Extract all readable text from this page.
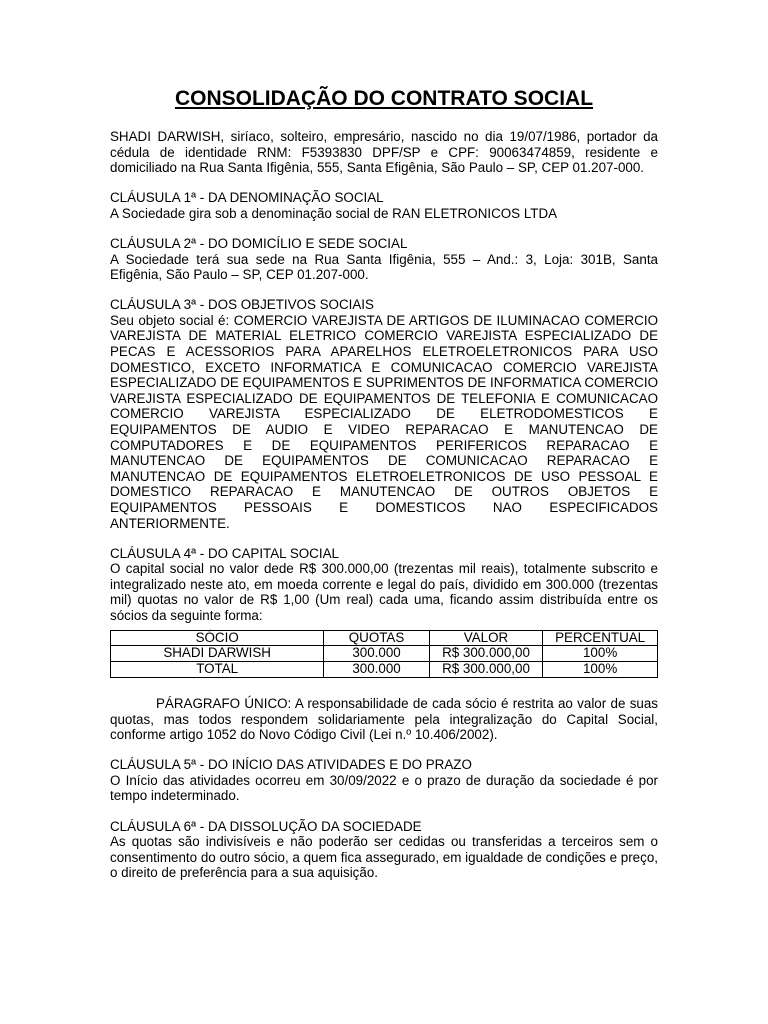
CONSOLIDAÇÃO DO CONTRATO SOCIAL

SHADI DARWISH, siríaco, solteiro, empresário, nascido no dia 19/07/1986, portador da cédula de identidade RNM: F5393830 DPF/SP e CPF: 90063474859, residente e domiciliado na Rua Santa Ifigênia, 555, Santa Efigênia, São Paulo – SP, CEP 01.207-000.

CLÁUSULA 1ª - DA DENOMINAÇÃO SOCIAL

A Sociedade gira sob a denominação social de RAN ELETRONICOS LTDA

CLÁUSULA 2ª - DO DOMICÍLIO E SEDE SOCIAL

A Sociedade terá sua sede na Rua Santa Ifigênia, 555 – And.: 3, Loja: 301B, Santa Efigênia, São Paulo – SP, CEP 01.207-000.

CLÁUSULA 3ª - DOS OBJETIVOS SOCIAIS

Seu objeto social é: COMERCIO VAREJISTA DE ARTIGOS DE ILUMINACAO COMERCIO VAREJISTA DE MATERIAL ELETRICO COMERCIO VAREJISTA ESPECIALIZADO DE PECAS E ACESSORIOS PARA APARELHOS ELETROELETRONICOS PARA USO DOMESTICO, EXCETO INFORMATICA E COMUNICACAO COMERCIO VAREJISTA ESPECIALIZADO DE EQUIPAMENTOS E SUPRIMENTOS DE INFORMATICA COMERCIO VAREJISTA ESPECIALIZADO DE EQUIPAMENTOS DE TELEFONIA E COMUNICACAO COMERCIO VAREJISTA ESPECIALIZADO DE ELETRODOMESTICOS E EQUIPAMENTOS DE AUDIO E VIDEO REPARACAO E MANUTENCAO DE COMPUTADORES E DE EQUIPAMENTOS PERIFERICOS REPARACAO E MANUTENCAO DE EQUIPAMENTOS DE COMUNICACAO REPARACAO E MANUTENCAO DE EQUIPAMENTOS ELETROELETRONICOS DE USO PESSOAL E DOMESTICO REPARACAO E MANUTENCAO DE OUTROS OBJETOS E EQUIPAMENTOS PESSOAIS E DOMESTICOS NAO ESPECIFICADOS ANTERIORMENTE.

CLÁUSULA 4ª - DO CAPITAL SOCIAL

O capital social no valor dede R$ 300.000,00 (trezentas mil reais), totalmente subscrito e integralizado neste ato, em moeda corrente e legal do país, dividido em 300.000 (trezentas mil) quotas no valor de R$ 1,00 (Um real) cada uma, ficando assim distribuída entre os sócios da seguinte forma:

SÓCIO	QUOTAS	VALOR	PERCENTUAL
SHADI DARWISH	300.000	R$ 300.000,00	100%
TOTAL	300.000	R$ 300.000,00	100%

PÁRAGRAFO ÚNICO: A responsabilidade de cada sócio é restrita ao valor de suas quotas, mas todos respondem solidariamente pela integralização do Capital Social, conforme artigo 1052 do Novo Código Civil (Lei n.º 10.406/2002).

CLÁUSULA 5ª - DO INÍCIO DAS ATIVIDADES E DO PRAZO

O Início das atividades ocorreu em 30/09/2022 e o prazo de duração da sociedade é por tempo indeterminado.

CLÁUSULA 6ª - DA DISSOLUÇÃO DA SOCIEDADE

As quotas são indivisíveis e não poderão ser cedidas ou transferidas a terceiros sem o consentimento do outro sócio, a quem fica assegurado, em igualdade de condições e preço, o direito de preferência para a sua aquisição.
